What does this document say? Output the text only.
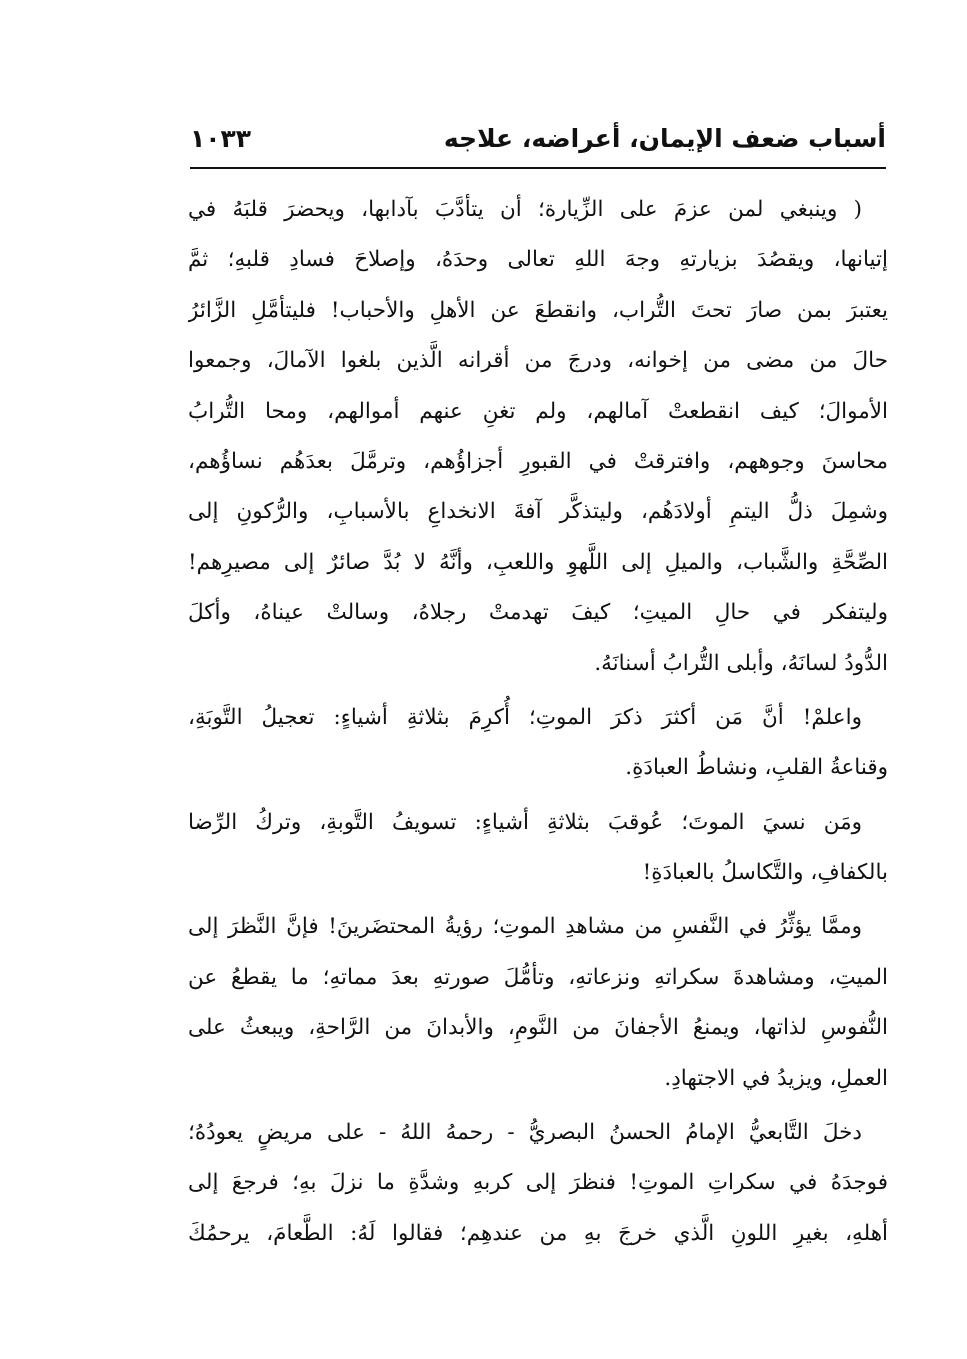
أسباب ضعف الإيمان، أعراضه، علاجه
١٠٣٣
( وينبغي لمن عزمَ على الزِّيارة؛ أن يتأدَّبَ بآدابها، ويحضرَ قلبَهُ في
إتيانها، ويقصُدَ بزيارتهِ وجهَ اللهِ تعالى وحدَهُ، وإصلاحَ فسادِ قلبهِ؛ ثمَّ
يعتبرَ بمن صارَ تحتَ التُّراب، وانقطعَ عن الأهلِ والأحباب! فليتأمَّلِ الزَّائرُ
حالَ من مضى من إخوانه، ودرجَ من أقرانه الَّذين بلغوا الآمالَ، وجمعوا
الأموالَ؛ كيف انقطعتْ آمالهم، ولم تغنِ عنهم أموالهم، ومحا التُّرابُ
محاسنَ وجوههم، وافترقتْ في القبورِ أجزاؤُهم، وترمَّلَ بعدَهُم نساؤُهم،
وشمِلَ ذلُّ اليتمِ أولادَهُم، وليتذكَّر آفةَ الانخداعِ بالأسبابِ، والرُّكونِ إلى
الصِّحَّةِ والشَّباب، والميلِ إلى اللَّهوِ واللعبِ، وأنَّهُ لا بُدَّ صائرٌ إلى مصيرِهم!
وليتفكر في حالِ الميتِ؛ كيفَ تهدمتْ رجلاهُ، وسالتْ عيناهُ، وأكلَ
الدُّودُ لسانَهُ، وأبلى التُّرابُ أسنانَهُ.
واعلمْ! أنَّ مَن أكثرَ ذكرَ الموتِ؛ أُكرِمَ بثلاثةِ أشياءٍ: تعجيلُ التَّوبَةِ،
وقناعةُ القلبِ، ونشاطُ العبادَةِ.
ومَن نسيَ الموتَ؛ عُوقبَ بثلاثةِ أشياءٍ: تسويفُ التَّوبةِ، وتركُ الرِّضا
بالكفافِ، والتَّكاسلُ بالعبادَةِ!
وممَّا يؤثِّرُ في النَّفسِ من مشاهدِ الموتِ؛ رؤيةُ المحتضَرينَ! فإنَّ النَّظرَ إلى
الميتِ، ومشاهدةَ سكراتهِ ونزعاتهِ، وتأمُّلَ صورتهِ بعدَ مماتهِ؛ ما يقطعُ عن
النُّفوسِ لذاتها، ويمنعُ الأجفانَ من النَّومِ، والأبدانَ من الرَّاحةِ، ويبعثُ على
العملِ، ويزيدُ في الاجتهادِ.
دخلَ التَّابعيُّ الإمامُ الحسنُ البصريُّ - رحمهُ اللهُ - على مريضٍ يعودُهُ؛
فوجدَهُ في سكراتِ الموتِ! فنظرَ إلى كربهِ وشدَّةِ ما نزلَ بهِ؛ فرجعَ إلى
أهلهِ، بغيرِ اللونِ الَّذي خرجَ بهِ من عندهِم؛ فقالوا لَهُ: الطَّعامَ، يرحمُكَ
